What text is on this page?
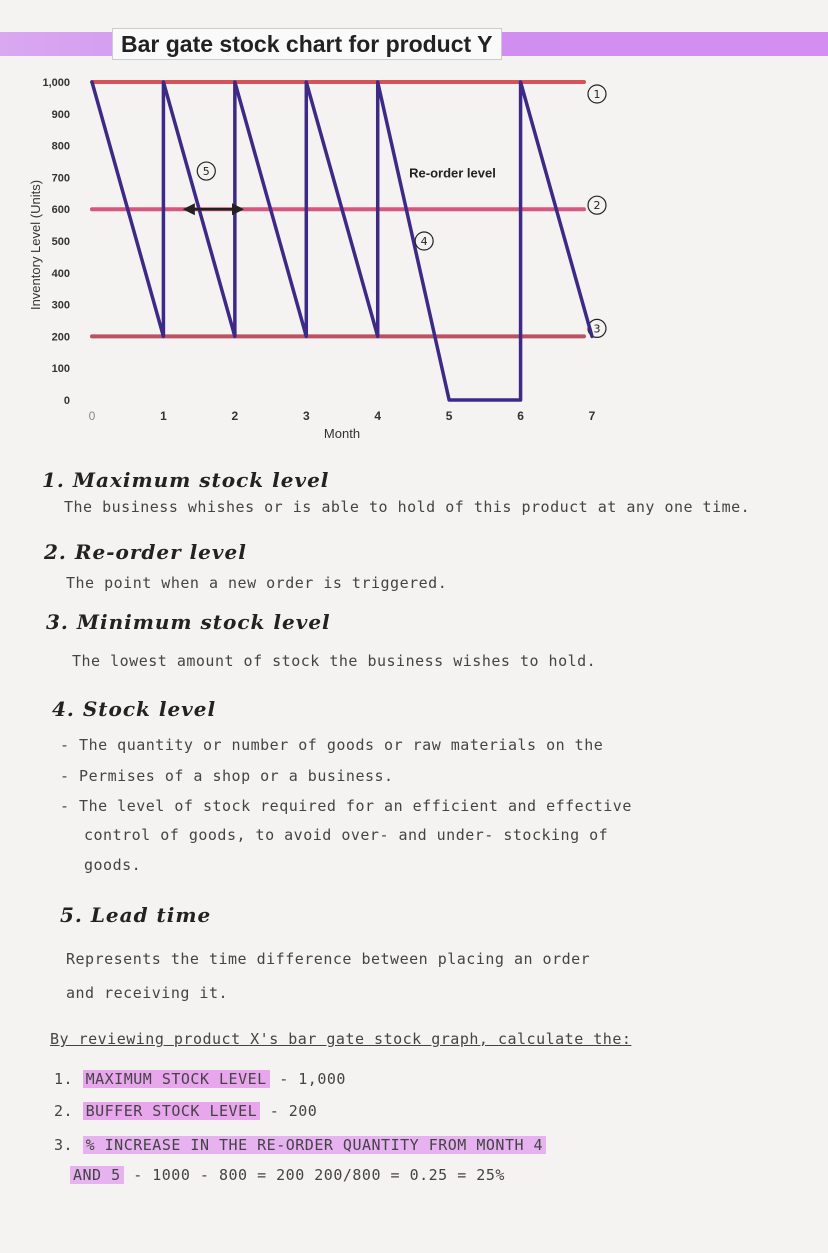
Bar gate stock chart for product Y
Inventory Level (Units)
0
100
200
300
400
500
600
700
800
900
1,000
0	1	2	3	4	5	6	7
Month
1
2
3
Re-order level
4
5
1. Maximum stock level
The business whishes or is able to hold of this product at any one time.
2. Re-order level
The point when a new order is triggered.
3. Minimum stock level
The lowest amount of stock the business wishes to hold.
4. Stock level
- The quantity or number of goods or raw materials on the
- Permises of a shop or a business.
- The level of stock required for an efficient and effective
control of goods, to avoid over- and under- stocking of
goods.
5. Lead time
Represents the time difference between placing an order
and receiving it.
By reviewing product X's bar gate stock graph, calculate the:
1. MAXIMUM STOCK LEVEL - 1,000
2. BUFFER STOCK LEVEL - 200
3. % INCREASE IN THE RE-ORDER QUANTITY FROM MONTH 4
AND 5 - 1000 - 800 = 200 200/800 = 0.25 = 25%
